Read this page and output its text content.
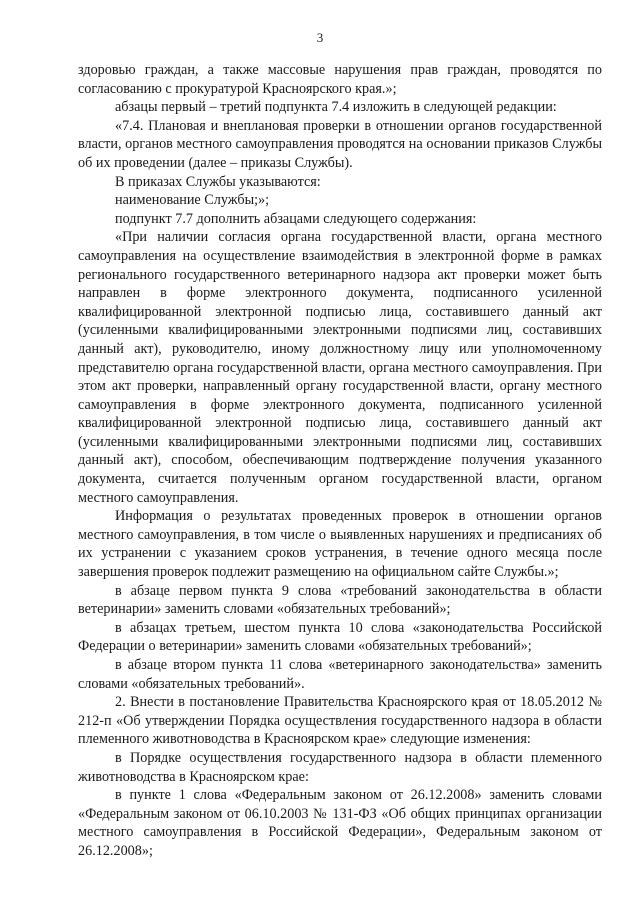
3

здоровью граждан, а также массовые нарушения прав граждан, проводятся по согласованию с прокуратурой Красноярского края.»;

абзацы первый – третий подпункта 7.4 изложить в следующей редакции:

«7.4. Плановая и внеплановая проверки в отношении органов государственной власти, органов местного самоуправления проводятся на основании приказов Службы об их проведении (далее – приказы Службы).

В приказах Службы указываются:

наименование Службы;»;

подпункт 7.7 дополнить абзацами следующего содержания:

«При наличии согласия органа государственной власти, органа местного самоуправления на осуществление взаимодействия в электронной форме в рамках регионального государственного ветеринарного надзора акт проверки может быть направлен в форме электронного документа, подписанного усиленной квалифицированной электронной подписью лица, составившего данный акт (усиленными квалифицированными электронными подписями лиц, составивших данный акт), руководителю, иному должностному лицу или уполномоченному представителю органа государственной власти, органа местного самоуправления. При этом акт проверки, направленный органу государственной власти, органу местного самоуправления в форме электронного документа, подписанного усиленной квалифицированной электронной подписью лица, составившего данный акт (усиленными квалифицированными электронными подписями лиц, составивших данный акт), способом, обеспечивающим подтверждение получения указанного документа, считается полученным органом государственной власти, органом местного самоуправления.

Информация о результатах проведенных проверок в отношении органов местного самоуправления, в том числе о выявленных нарушениях и предписаниях об их устранении с указанием сроков устранения, в течение одного месяца после завершения проверок подлежит размещению на официальном сайте Службы.»;

в абзаце первом пункта 9 слова «требований законодательства в области ветеринарии» заменить словами «обязательных требований»;

в абзацах третьем, шестом пункта 10 слова «законодательства Российской Федерации о ветеринарии» заменить словами «обязательных требований»;

в абзаце втором пункта 11 слова «ветеринарного законодательства» заменить словами «обязательных требований».

2. Внести в постановление Правительства Красноярского края от 18.05.2012 № 212-п «Об утверждении Порядка осуществления государственного надзора в области племенного животноводства в Красноярском крае» следующие изменения:

в Порядке осуществления государственного надзора в области племенного животноводства в Красноярском крае:

в пункте 1 слова «Федеральным законом от 26.12.2008» заменить словами «Федеральным законом от 06.10.2003 № 131-ФЗ «Об общих принципах организации местного самоуправления в Российской Федерации», Федеральным законом от 26.12.2008»;
